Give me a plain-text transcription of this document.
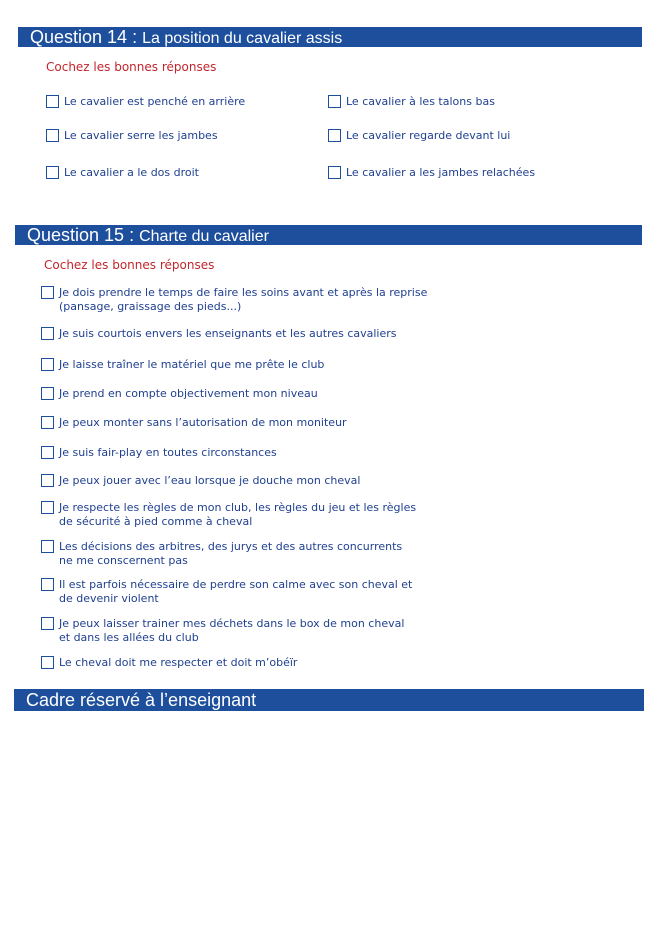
Question 14 : La position du cavalier assis
Cochez les bonnes réponses
Le cavalier est penché en arrière	Le cavalier à les talons bas
Le cavalier serre les jambes	Le cavalier regarde devant lui
Le cavalier a le dos droit	Le cavalier a les jambes relachées
Question 15 : Charte du cavalier
Cochez les bonnes réponses
Je dois prendre le temps de faire les soins avant et après la reprise
(pansage, graissage des pieds...)
Je suis courtois envers les enseignants et les autres cavaliers
Je laisse traîner le matériel que me prête le club
Je prend en compte objectivement mon niveau
Je peux monter sans l’autorisation de mon moniteur
Je suis fair-play en toutes circonstances
Je peux jouer avec l’eau lorsque je douche mon cheval
Je respecte les règles de mon club, les règles du jeu et les règles
de sécurité à pied comme à cheval
Les décisions des arbitres, des jurys et des autres concurrents
ne me conscernent pas
Il est parfois nécessaire de perdre son calme avec son cheval et
de devenir violent
Je peux laisser trainer mes déchets dans le box de mon cheval
et dans les allées du club
Le cheval doit me respecter et doit m’obéïr
Cadre réservé à l’enseignant
